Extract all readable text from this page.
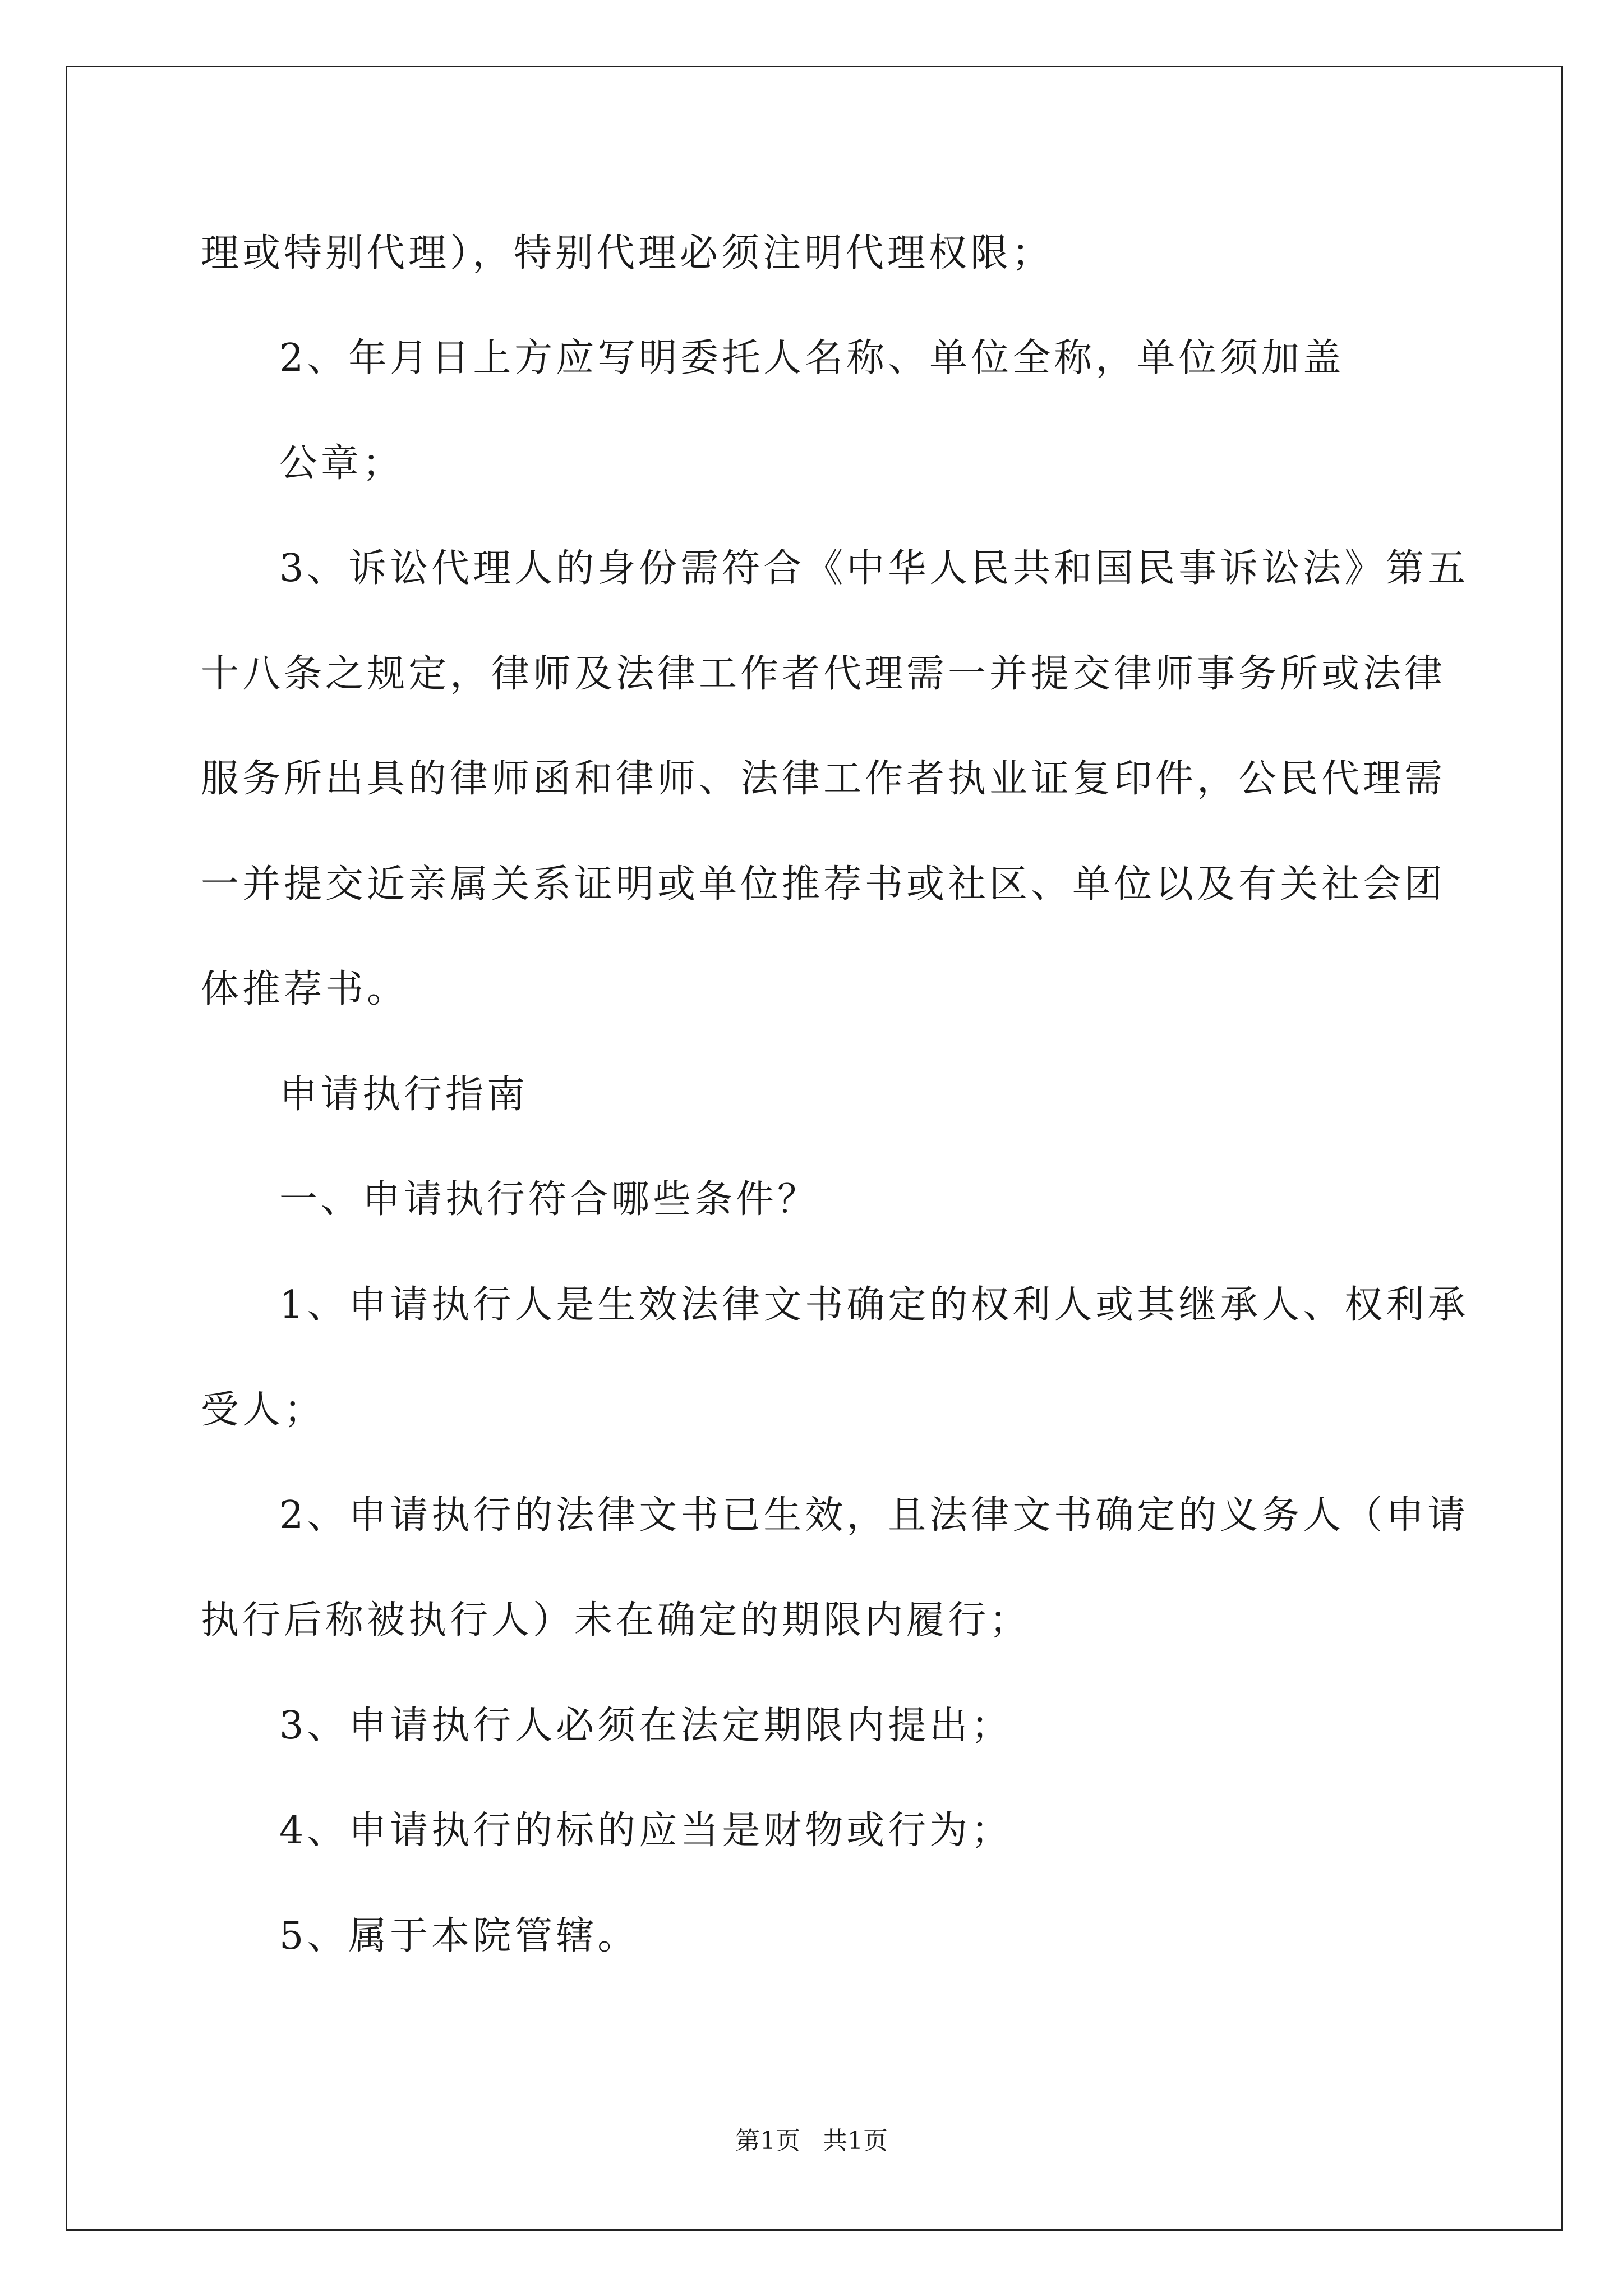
理或特别代理），特别代理必须注明代理权限；
2、年月日上方应写明委托人名称、单位全称，单位须加盖
公章；
3、诉讼代理人的身份需符合《中华人民共和国民事诉讼法》第五
十八条之规定，律师及法律工作者代理需一并提交律师事务所或法律
服务所出具的律师函和律师、法律工作者执业证复印件，公民代理需
一并提交近亲属关系证明或单位推荐书或社区、单位以及有关社会团
体推荐书。
申请执行指南
一、申请执行符合哪些条件？
1、申请执行人是生效法律文书确定的权利人或其继承人、权利承
受人；
2、申请执行的法律文书已生效，且法律文书确定的义务人（申请
执行后称被执行人）未在确定的期限内履行；
3、申请执行人必须在法定期限内提出；
4、申请执行的标的应当是财物或行为；
5、属于本院管辖。
第1页 共1页
